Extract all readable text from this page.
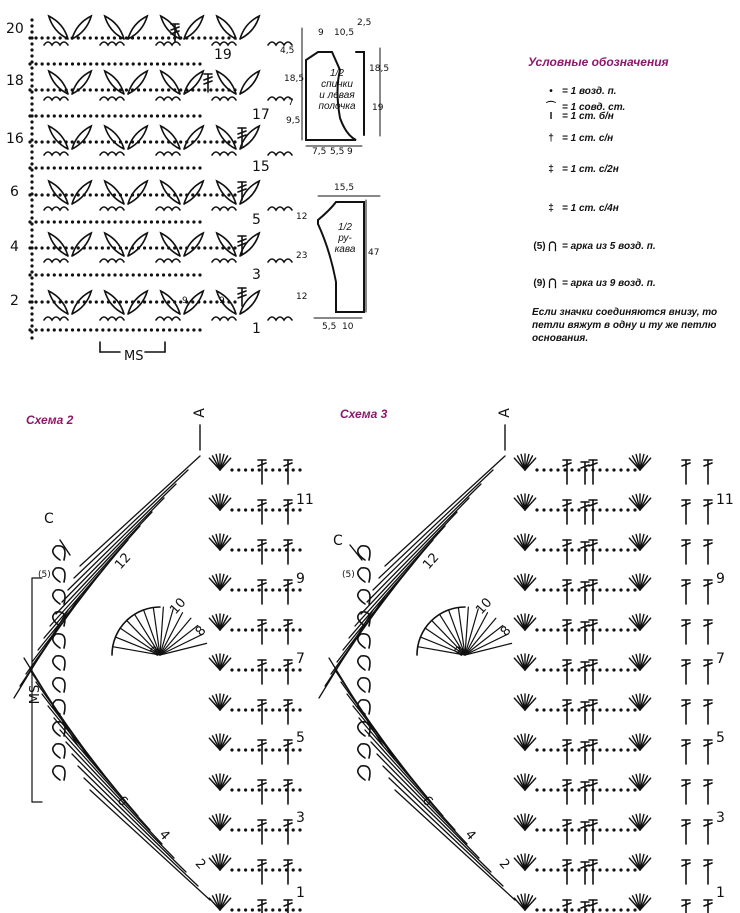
20
19
18
17
16
15
6
5
4
3
2
1
MS
9	9
1/2
спинки
и левая
полочка
9 10,5
2,5
4,5
18,5
7
9,5
18,5
19
7,5 5,5 9
1/2
ру-
кава
15,5
12
23	47
12
5,5 10
Условные обозначения
• = 1 возд. п.
⌒ = 1 совд. ст.
I = 1 ст. б/н
† = 1 ст. с/н
‡ = 1 ст. с/2н
‡ = 1 ст. с/4н
(5) ⋂ = арка из 5 возд. п.
(9) ⋂ = арка из 9 возд. п.
Если значки соединяются внизу, то петли вяжут в одну и ту же петлю основания.
Схема 2	A
C
B
(5)
MS
11
9
7
5
3
1
12
10
8
6
4
2
Схема 3	A
C
B
(5)
11
9
7
5
3
1
12
10
8
6
4
2
